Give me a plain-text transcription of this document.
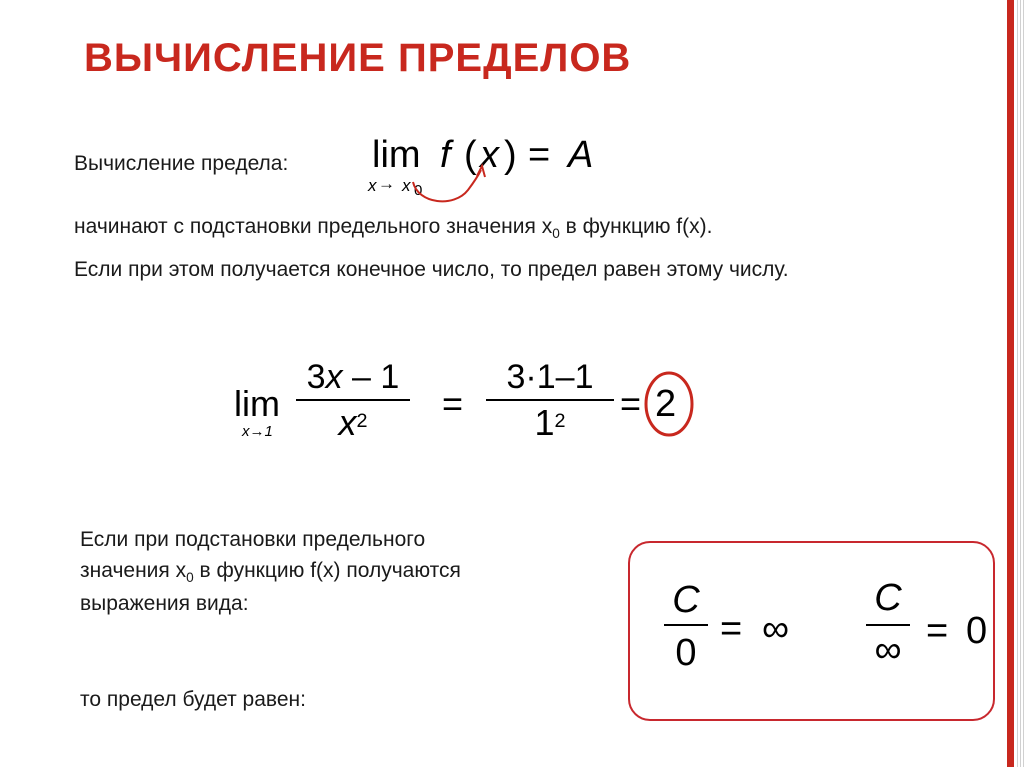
ВЫЧИСЛЕНИЕ ПРЕДЕЛОВ
Вычисление предела: lim
x → x 0
f ( x ) = A
начинают с подстановки предельного значения $x_0$ в функцию f(x).
Если при этом получается конечное число, то предел равен этому числу.
lim
x→1
3x – 1
$x^2$	=
3·1–1
$1^2$	= 2
Если при подстановки предельного
значения $x_0$ в функцию f(x) получаются
выражения вида:
то предел будет равен:
C
0
= ∞
C
∞ = 0
